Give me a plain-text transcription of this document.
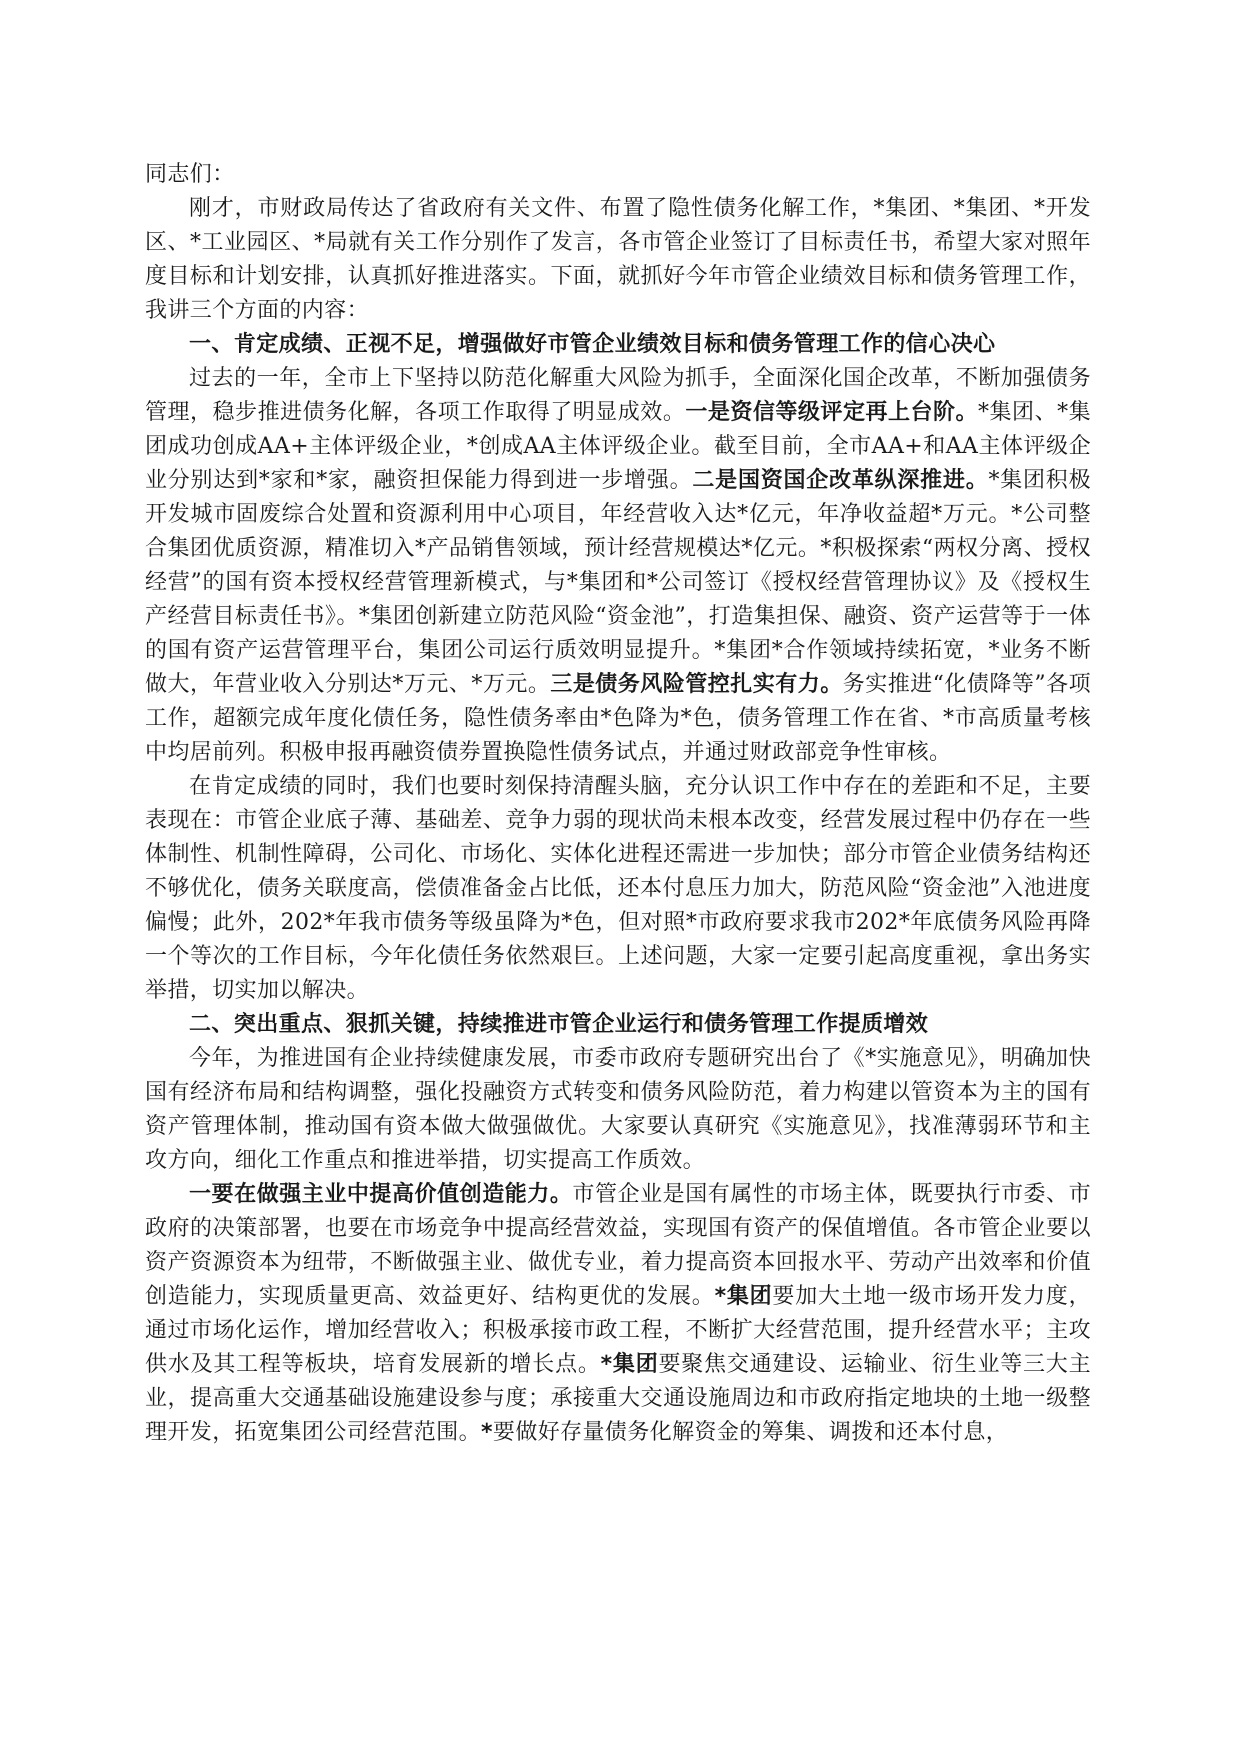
同志们：

刚才，市财政局传达了省政府有关文件、布置了隐性债务化解工作，*集团、*集团、*开发区、*工业园区、*局就有关工作分别作了发言，各市管企业签订了目标责任书，希望大家对照年度目标和计划安排，认真抓好推进落实。下面，就抓好今年市管企业绩效目标和债务管理工作，我讲三个方面的内容：

一、肯定成绩、正视不足，增强做好市管企业绩效目标和债务管理工作的信心决心

过去的一年，全市上下坚持以防范化解重大风险为抓手，全面深化国企改革，不断加强债务管理，稳步推进债务化解，各项工作取得了明显成效。一是资信等级评定再上台阶。*集团、*集团成功创成AA+主体评级企业，*创成AA主体评级企业。截至目前，全市AA+和AA主体评级企业分别达到*家和*家，融资担保能力得到进一步增强。二是国资国企改革纵深推进。*集团积极开发城市固废综合处置和资源利用中心项目，年经营收入达*亿元，年净收益超*万元。*公司整合集团优质资源，精准切入*产品销售领域，预计经营规模达*亿元。*积极探索“两权分离、授权经营”的国有资本授权经营管理新模式，与*集团和*公司签订《授权经营管理协议》及《授权生产经营目标责任书》。*集团创新建立防范风险“资金池”，打造集担保、融资、资产运营等于一体的国有资产运营管理平台，集团公司运行质效明显提升。*集团*合作领域持续拓宽，*业务不断做大，年营业收入分别达*万元、*万元。三是债务风险管控扎实有力。务实推进“化债降等”各项工作，超额完成年度化债任务，隐性债务率由*色降为*色，债务管理工作在省、*市高质量考核中均居前列。积极申报再融资债券置换隐性债务试点，并通过财政部竞争性审核。

在肯定成绩的同时，我们也要时刻保持清醒头脑，充分认识工作中存在的差距和不足，主要表现在：市管企业底子薄、基础差、竞争力弱的现状尚未根本改变，经营发展过程中仍存在一些体制性、机制性障碍，公司化、市场化、实体化进程还需进一步加快；部分市管企业债务结构还不够优化，债务关联度高，偿债准备金占比低，还本付息压力加大，防范风险“资金池”入池进度偏慢；此外，202*年我市债务等级虽降为*色，但对照*市政府要求我市202*年底债务风险再降一个等次的工作目标，今年化债任务依然艰巨。上述问题，大家一定要引起高度重视，拿出务实举措，切实加以解决。

二、突出重点、狠抓关键，持续推进市管企业运行和债务管理工作提质增效

今年，为推进国有企业持续健康发展，市委市政府专题研究出台了《*实施意见》，明确加快国有经济布局和结构调整，强化投融资方式转变和债务风险防范，着力构建以管资本为主的国有资产管理体制，推动国有资本做大做强做优。大家要认真研究《实施意见》，找准薄弱环节和主攻方向，细化工作重点和推进举措，切实提高工作质效。

一要在做强主业中提高价值创造能力。市管企业是国有属性的市场主体，既要执行市委、市政府的决策部署，也要在市场竞争中提高经营效益，实现国有资产的保值增值。各市管企业要以资产资源资本为纽带，不断做强主业、做优专业，着力提高资本回报水平、劳动产出效率和价值创造能力，实现质量更高、效益更好、结构更优的发展。*集团要加大土地一级市场开发力度，通过市场化运作，增加经营收入；积极承接市政工程，不断扩大经营范围，提升经营水平；主攻供水及其工程等板块，培育发展新的增长点。*集团要聚焦交通建设、运输业、衍生业等三大主业，提高重大交通基础设施建设参与度；承接重大交通设施周边和市政府指定地块的土地一级整理开发，拓宽集团公司经营范围。*要做好存量债务化解资金的筹集、调拨和还本付息，
